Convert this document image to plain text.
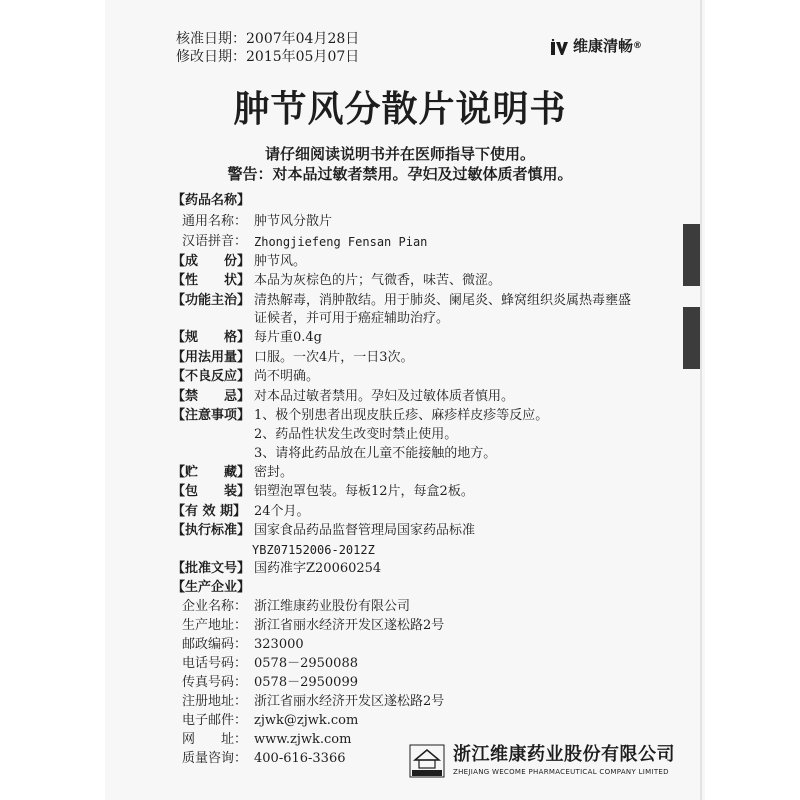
核准日期：2007年04月28日
修改日期：2015年05月07日
维康清畅®
肿节风分散片说明书
请仔细阅读说明书并在医师指导下使用。
警告：对本品过敏者禁用。孕妇及过敏体质者慎用。
【药品名称】
通用名称： 肿节风分散片
汉语拼音： Zhongjiefeng Fensan Pian
【成　　份】 肿节风。
【性　　状】 本品为灰棕色的片；气微香，味苦、微涩。
【功能主治】 清热解毒，消肿散结。用于肺炎、阑尾炎、蜂窝组织炎属热毒壅盛
证候者，并可用于癌症辅助治疗。
【规　　格】 每片重0.4g
【用法用量】 口服。一次4片，一日3次。
【不良反应】 尚不明确。
【禁　　忌】 对本品过敏者禁用。孕妇及过敏体质者慎用。
【注意事项】 1、极个别患者出现皮肤丘疹、麻疹样皮疹等反应。
2、药品性状发生改变时禁止使用。
3、请将此药品放在儿童不能接触的地方。
【贮　　藏】 密封。
【包　　装】 铝塑泡罩包装。每板12片，每盒2板。
【有 效 期】 24个月。
【执行标准】 国家食品药品监督管理局国家药品标准
YBZ07152006-2012Z
【批准文号】 国药准字Z20060254
【生产企业】
企业名称： 浙江维康药业股份有限公司
生产地址： 浙江省丽水经济开发区遂松路2号
邮政编码： 323000
电话号码： 0578－2950088
传真号码： 0578－2950099
注册地址： 浙江省丽水经济开发区遂松路2号
电子邮件： zjwk@zjwk.com
网　　址： www.zjwk.com
质量咨询： 400-616-3366	浙江维康药业股份有限公司
ZHEJIANG WECOME PHARMACEUTICAL COMPANY LIMITED
